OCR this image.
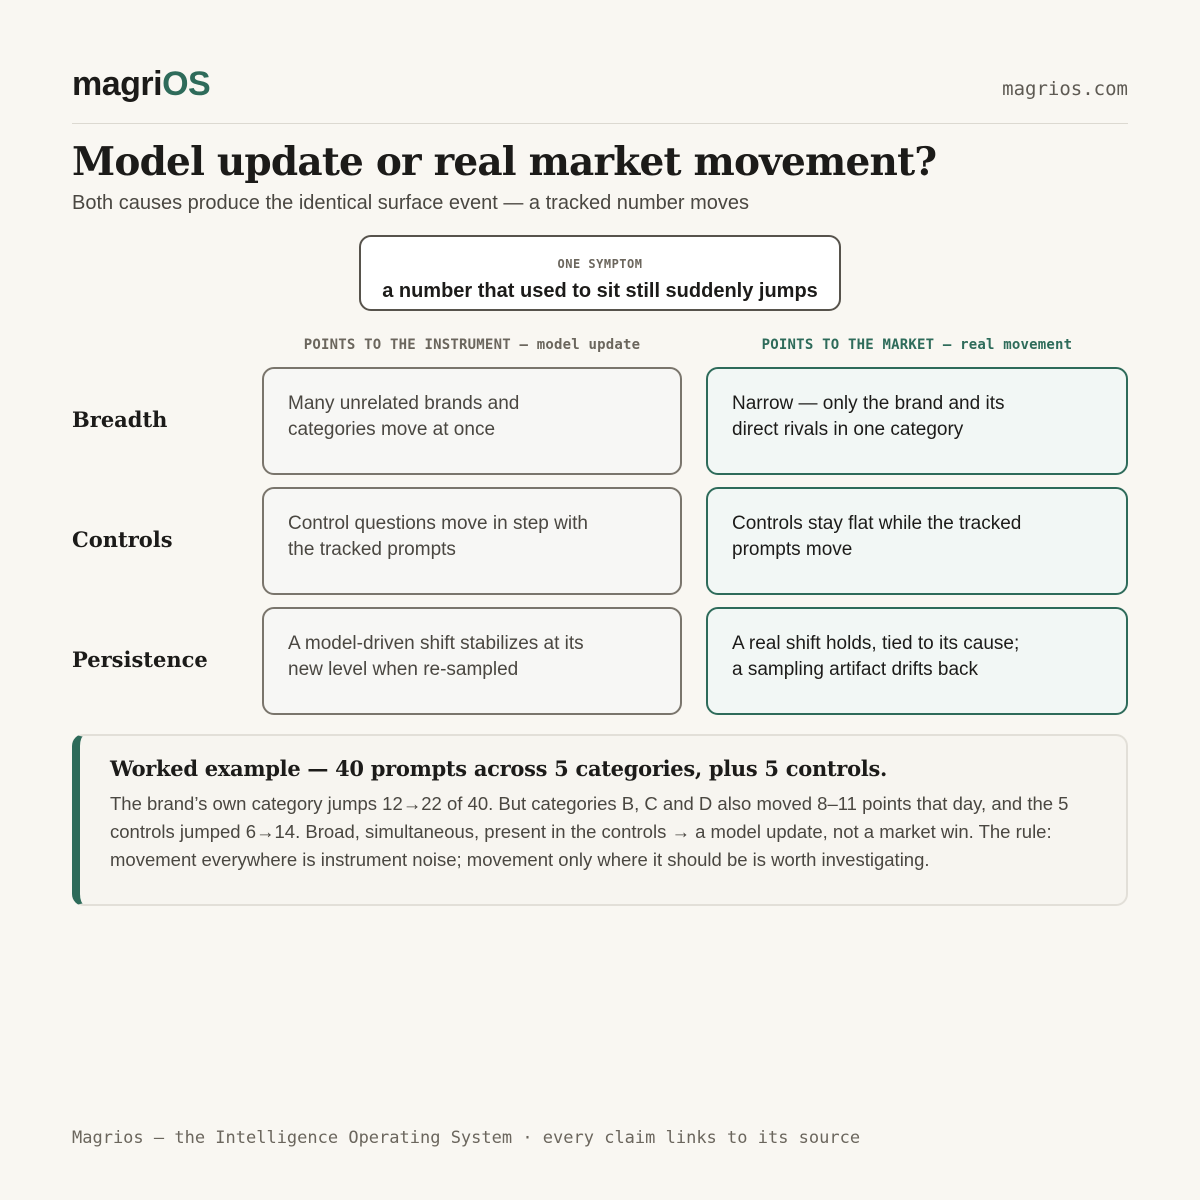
magriOS	magrios.com
Model update or real market movement?

Both causes produce the identical surface event — a tracked number moves

ONE SYMPTOM
a number that used to sit still suddenly jumps
POINTS TO THE INSTRUMENT — model update	POINTS TO THE MARKET — real movement
Breadth
Many unrelated brands and categories move at once
Narrow — only the brand and its direct rivals in one category
Controls
Control questions move in step with the tracked prompts
Controls stay flat while the tracked prompts move
Persistence
A model-driven shift stabilizes at its new level when re-sampled
A real shift holds, tied to its cause; a sampling artifact drifts back
Worked example — 40 prompts across 5 categories, plus 5 controls.
The brand’s own category jumps 12→22 of 40. But categories B, C and D also moved 8–11 points that day, and the 5 controls jumped 6→14. Broad, simultaneous, present in the controls → a model update, not a market win. The rule: movement everywhere is instrument noise; movement only where it should be is worth investigating.
Magrios — the Intelligence Operating System · every claim links to its source
